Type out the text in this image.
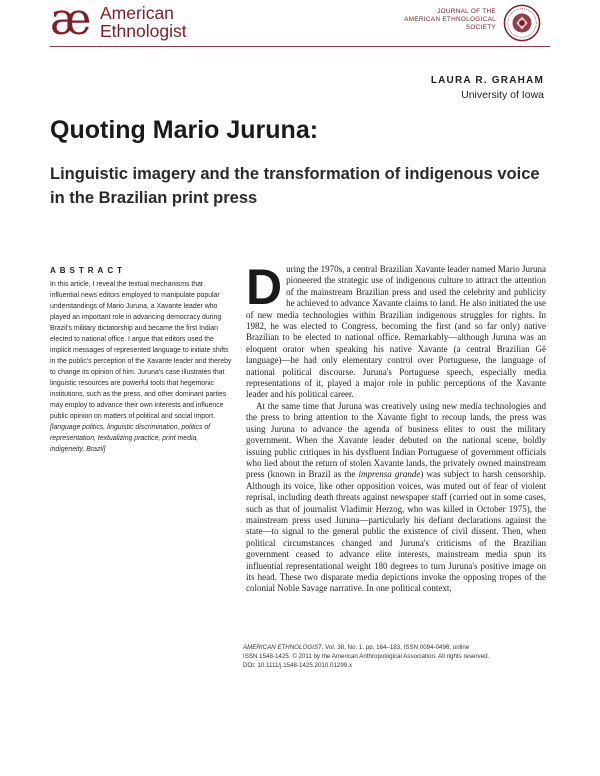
æ American
Ethnologist
JOURNAL OF THE
AMERICAN ETHNOLOGICAL
SOCIETY
LAURA R. GRAHAM
University of Iowa
Quoting Mario Juruna:
Linguistic imagery and the transformation of indigenous voice in the Brazilian print press
ABSTRACT

In this article, I reveal the textual mechanisms that influential news editors employed to manipulate popular understandings of Mario Juruna, a Xavante leader who played an important role in advancing democracy during Brazil's military dictatorship and became the first Indian elected to national office. I argue that editors used the implicit messages of represented language to initiate shifts in the public's perception of the Xavante leader and thereby to change its opinion of him. Juruna's case illustrates that linguistic resources are powerful tools that hegemonic institutions, such as the press, and other dominant parties may employ to advance their own interests and influence public opinion on matters of political and social import. [language politics, linguistic discrimination, politics of representation, textualizing practice, print media, indigeneity, Brazil]

During the 1970s, a central Brazilian Xavante leader named Mario Juruna pioneered the strategic use of indigenous culture to attract the attention of the mainstream Brazilian press and used the celebrity and publicity he achieved to advance Xavante claims to land. He also initiated the use of new media technologies within Brazilian indigenous struggles for rights. In 1982, he was elected to Congress, becoming the first (and so far only) native Brazilian to be elected to national office. Remarkably—although Juruna was an eloquent orator when speaking his native Xavante (a central Brazilian Gê language)—he had only elementary control over Portuguese, the language of national political discourse. Juruna's Portuguese speech, especially media representations of it, played a major role in public perceptions of the Xavante leader and his political career.

At the same time that Juruna was creatively using new media technologies and the press to bring attention to the Xavante fight to recoup lands, the press was using Juruna to advance the agenda of business elites to oust the military government. When the Xavante leader debuted on the national scene, boldly issuing public critiques in his dysfluent Indian Portuguese of government officials who lied about the return of stolen Xavante lands, the privately owned mainstream press (known in Brazil as the imprensa grande) was subject to harsh censorship. Although its voice, like other opposition voices, was muted out of fear of violent reprisal, including death threats against newspaper staff (carried out in some cases, such as that of journalist Vladimir Herzog, who was killed in October 1975), the mainstream press used Juruna—particularly his defiant declarations against the state—to signal to the general public the existence of civil dissent. Then, when political circumstances changed and Juruna's criticisms of the Brazilian government ceased to advance elite interests, mainstream media spun its influential representational weight 180 degrees to turn Juruna's positive image on its head. These two disparate media depictions invoke the opposing tropes of the colonial Noble Savage narrative. In one political context,

AMERICAN ETHNOLOGIST, Vol. 38, No. 1, pp. 164–183, ISSN 0094-0496, online
ISSN 1548-1425. © 2011 by the American Anthropological Association. All rights reserved.
DOI: 10.1111/j.1548-1425.2010.01299.x
